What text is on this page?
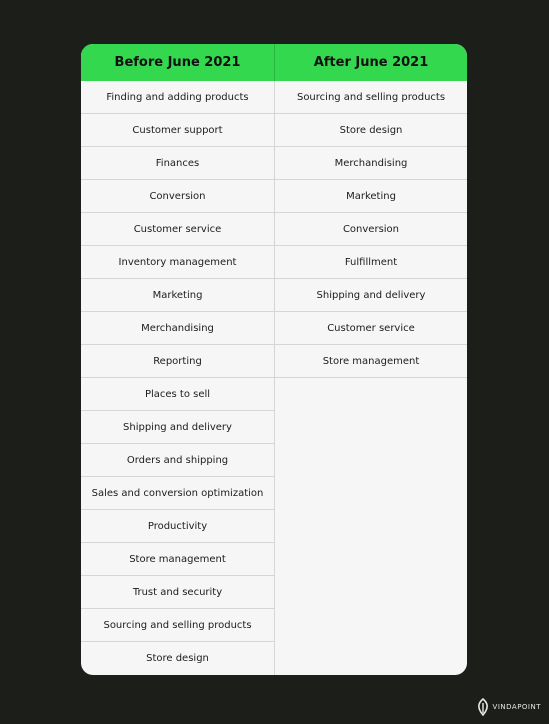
Before June 2021	After June 2021
Finding and adding products
Customer support
Finances
Conversion
Customer service
Inventory management
Marketing
Merchandising
Reporting
Places to sell
Shipping and delivery
Orders and shipping
Sales and conversion optimization
Productivity
Store management
Trust and security
Sourcing and selling products
Store design
Sourcing and selling products
Store design
Merchandising
Marketing
Conversion
Fulfillment
Shipping and delivery
Customer service
Store management
VINDAPOINT
